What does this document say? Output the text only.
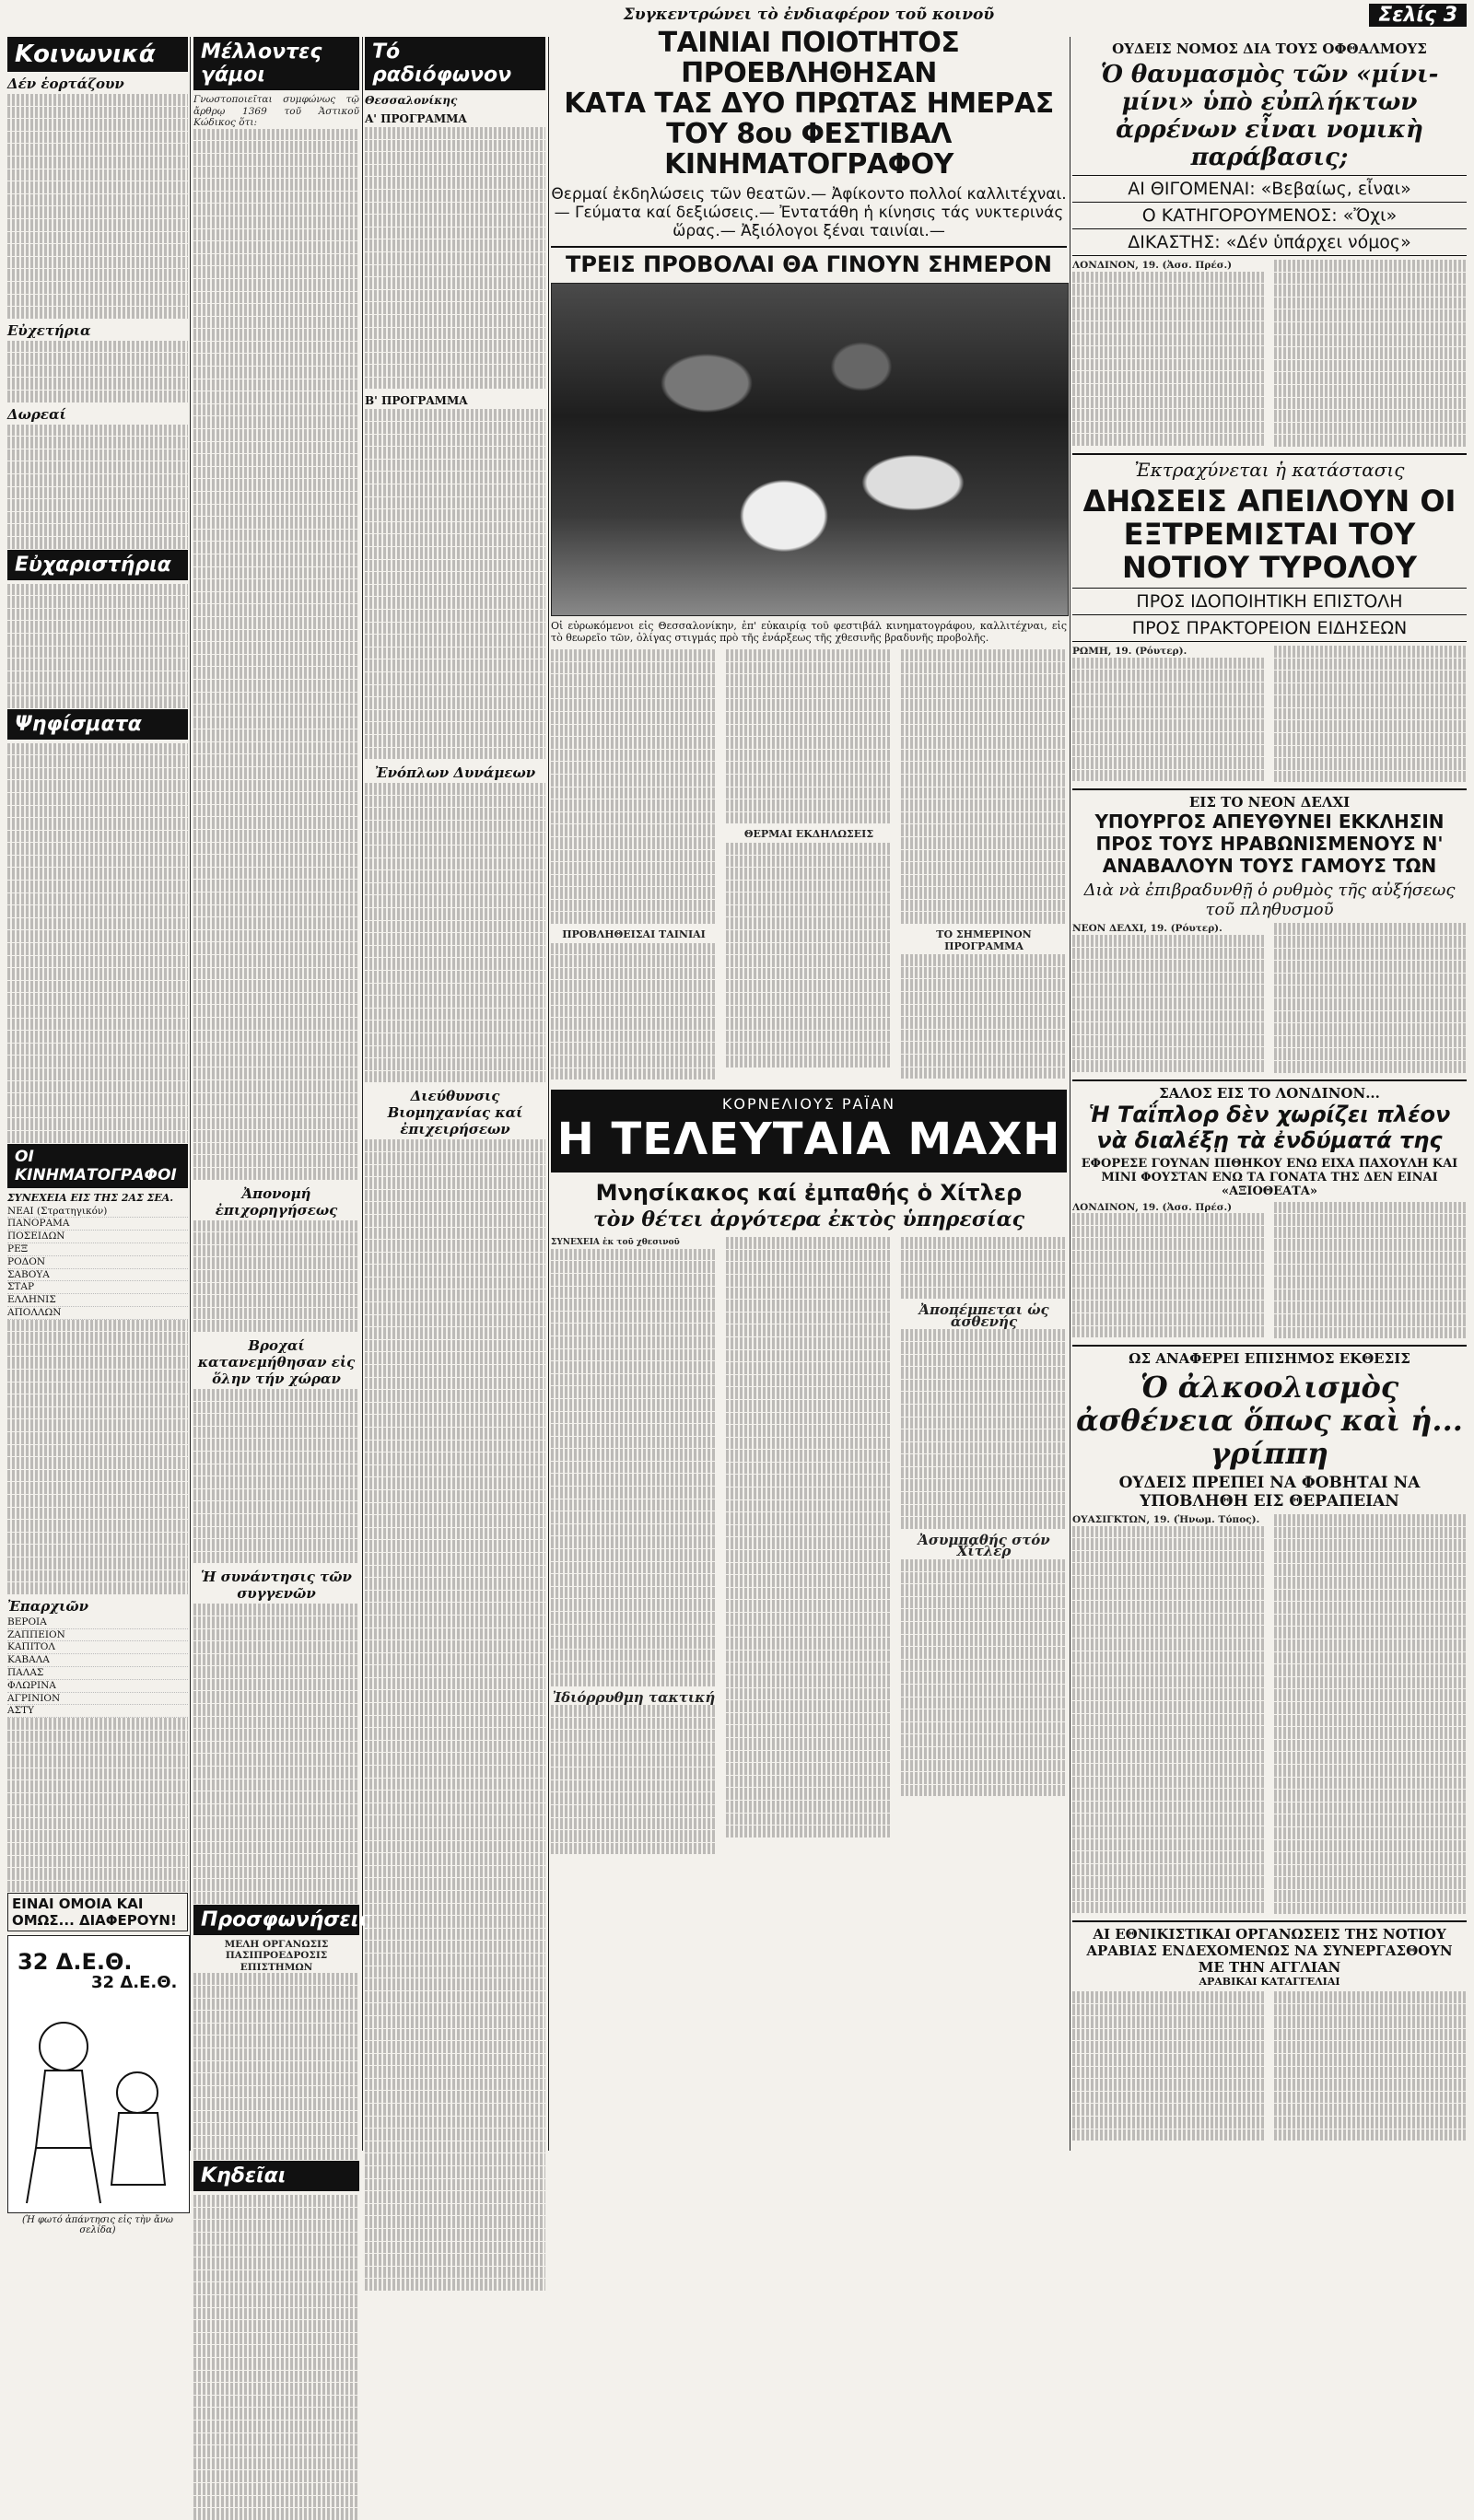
Σελίς 3
Κοινωνικά
Δέν ἑορτάζουν
Εὐχετήρια
Δωρεαί
Εὐχαριστήρια
Ψηφίσματα
ΟΙ ΚΙΝΗΜΑΤΟΓΡΑΦΟΙ
ΣΥΝΕΧΕΙΑ ΕΙΣ ΤΗΣ 2ΑΣ ΣΕΑ.
ΝΕΑΙ (Στρατηγικόν)
ΠΑΝΟΡΑΜΑ
ΠΟΣΕΙΔΩΝ
ΡΕΞ
ΡΟΔΟΝ
ΣΑΒΟΥΑ
ΣΤΑΡ
ΕΛΛΗΝΙΣ
ΑΠΟΛΛΩΝ
Ἐπαρχιῶν
ΒΕΡΟΙΑ
ΖΑΠΠΕΙΟΝ
ΚΑΠΙΤΟΛ
ΚΑΒΑΛΑ
ΠΑΛΑΣ
ΦΛΩΡΙΝΑ
ΑΓΡΙΝΙΟΝ
ΑΣΤΥ
ΕΙΝΑΙ ΟΜΟΙΑ ΚΑΙ ΟΜΩΣ... ΔΙΑΦΕΡΟΥΝ!
32 Δ.Ε.Θ.
32 Δ.Ε.Θ.
(Ἡ φωτό ἀπάντησις εἰς τὴν ἄνω σελίδα)
Μέλλοντες γάμοι
Γνωστοποιεῖται συμφώνως τῷ ἄρθρῳ 1369 τοῦ Ἀστικοῦ Κώδικος ὅτι:
Ἀπονομή ἐπιχορηγήσεως
Βροχαί κατανεμήθησαν εἰς ὅλην τήν χώραν
Ἡ συνάντησις τῶν συγγενῶν
Προσφωνήσεις
ΜΕΛΗ ΟΡΓΑΝΩΣΙΣ ΠΑΣΙΠΡΟΕΔΡΟΣΙΣ ΕΠΙΣΤΗΜΩΝ
Κηδεῖαι
Τό ραδιόφωνον
Θεσσαλονίκης
Α' ΠΡΟΓΡΑΜΜΑ
Β' ΠΡΟΓΡΑΜΜΑ
Ἐνόπλων Δυνάμεων
Διεύθυνσις Βιομηχανίας καί ἐπιχειρήσεων
Συγκεντρώνει τὸ ἐνδιαφέρον τοῦ κοινοῦ
ΤΑΙΝΙΑΙ ΠΟΙΟΤΗΤΟΣ ΠΡΟΕΒΛΗΘΗΣΑΝ
ΚΑΤΑ ΤΑΣ ΔΥΟ ΠΡΩΤΑΣ ΗΜΕΡΑΣ
ΤΟΥ 8ου ΦΕΣΤΙΒΑΛ ΚΙΝΗΜΑΤΟΓΡΑΦΟΥ
Θερμαί ἐκδηλώσεις τῶν θεατῶν.— Ἀφίκοντο πολλοί καλλιτέχναι.— Γεύματα καί δεξιώσεις.— Ἐντατάθη ἡ κίνησις τάς νυκτερινάς ὥρας.— Ἀξιόλογοι ξέναι ταινίαι.—
ΤΡΕΙΣ ΠΡΟΒΟΛΑΙ ΘΑ ΓΙΝΟΥΝ ΣΗΜΕΡΟΝ
Οἱ εὐρωκόμενοι εἰς Θεσσαλονίκην, ἐπ' εὐκαιρίᾳ τοῦ φεστιβάλ κινηματογράφου, καλλιτέχναι, εἰς τὸ θεωρεῖο τῶν, ὀλίγας στιγμάς πρὸ τῆς ἐνάρξεως τῆς χθεσινῆς βραδυνῆς προβολῆς.
ΠΡΟΒΛΗΘΕΙΣΑΙ ΤΑΙΝΙΑΙ
ΘΕΡΜΑΙ ΕΚΔΗΛΩΣΕΙΣ
ΤΟ ΣΗΜΕΡΙΝΟΝ ΠΡΟΓΡΑΜΜΑ
ΚΟΡΝΕΛΙΟΥΣ ΡΑΪΑΝ
Η ΤΕΛΕΥΤΑΙΑ ΜΑΧΗ
Μνησίκακος καί ἐμπαθής ὁ Χίτλερ
τὸν θέτει ἀργότερα ἐκτὸς ὑπηρεσίας
ΣΥΝΕΧΕΙΑ ἐκ τοῦ χθεσινοῦ
Ἰδιόρρυθμη τακτική
Ἀποπέμπεται ὡς ἀσθενής
Ἀσυμπαθής στόν Χίτλερ
ΟΥΔΕΙΣ ΝΟΜΟΣ ΔΙΑ ΤΟΥΣ ΟΦΘΑΛΜΟΥΣ
Ὁ θαυμασμὸς τῶν «μίνι-μίνι» ὑπὸ εὐπλήκτων ἀρρένων εἶναι νομικὴ παράβασις;
ΑΙ ΘΙΓΟΜΕΝΑΙ: «Βεβαίως, εἶναι»
Ο ΚΑΤΗΓΟΡΟΥΜΕΝΟΣ: «Ὄχι»
ΔΙΚΑΣΤΗΣ: «Δέν ὑπάρχει νόμος»
ΛΟΝΔΙΝΟΝ, 19. (Ἀσσ. Πρέσ.)
Ἐκτραχύνεται ἡ κατάστασις
ΔΗΩΣΕΙΣ ΑΠΕΙΛΟΥΝ ΟΙ ΕΞΤΡΕΜΙΣΤΑΙ ΤΟΥ ΝΟΤΙΟΥ ΤΥΡΟΛΟΥ
ΠΡΟΣ ΙΔΟΠΟΙΗΤΙΚΗ ΕΠΙΣΤΟΛΗ
ΠΡΟΣ ΠΡΑΚΤΟΡΕΙΟΝ ΕΙΔΗΣΕΩΝ
ΡΩΜΗ, 19. (Ρόυτερ).
ΕΙΣ ΤΟ ΝΕΟΝ ΔΕΛΧΙ
ΥΠΟΥΡΓΟΣ ΑΠΕΥΘΥΝΕΙ ΕΚΚΛΗΣΙΝ ΠΡΟΣ ΤΟΥΣ ΗΡΑΒΩΝΙΣΜΕΝΟΥΣ Ν' ΑΝΑΒΑΛΟΥΝ ΤΟΥΣ ΓΑΜΟΥΣ ΤΩΝ
Διὰ νὰ ἐπιβραδυνθῇ ὁ ρυθμὸς τῆς αὐξήσεως τοῦ πληθυσμοῦ
ΝΕΟΝ ΔΕΛΧΙ, 19. (Ρόυτερ).
ΣΑΛΟΣ ΕΙΣ ΤΟ ΛΟΝΔΙΝΟΝ...
Ἡ Ταΐπλορ δὲν χωρίζει πλέον νὰ διαλέξῃ τὰ ἐνδύματά της
ΕΦΟΡΕΣΕ ΓΟΥΝΑΝ ΠΙΘΗΚΟΥ ΕΝΩ ΕΙΧΑ ΠΑΧΟΥΛΗ ΚΑΙ ΜΙΝΙ ΦΟΥΣΤΑΝ ΕΝΩ ΤΑ ΓΟΝΑΤΑ ΤΗΣ ΔΕΝ ΕΙΝΑΙ «ΑΞΙΟΘΕΑΤΑ»
ΛΟΝΔΙΝΟΝ, 19. (Ἀσσ. Πρέσ.)
ΩΣ ΑΝΑΦΕΡΕΙ ΕΠΙΣΗΜΟΣ ΕΚΘΕΣΙΣ
Ὁ ἀλκοολισμὸς ἀσθένεια ὅπως καὶ ἡ... γρίππη
ΟΥΔΕΙΣ ΠΡΕΠΕΙ ΝΑ ΦΟΒΗΤΑΙ ΝΑ ΥΠΟΒΛΗΘΗ ΕΙΣ ΘΕΡΑΠΕΙΑΝ
ΟΥΑΣΙΓΚΤΩΝ, 19. (Ἡνωμ. Τύπος).
ΑΙ ΕΘΝΙΚΙΣΤΙΚΑΙ ΟΡΓΑΝΩΣΕΙΣ ΤΗΣ ΝΟΤΙΟΥ ΑΡΑΒΙΑΣ ΕΝΔΕΧΟΜΕΝΩΣ ΝΑ ΣΥΝΕΡΓΑΣΘΟΥΝ ΜΕ ΤΗΝ ΑΓΓΛΙΑΝ
ΑΡΑΒΙΚΑΙ ΚΑΤΑΓΓΕΛΙΑΙ
